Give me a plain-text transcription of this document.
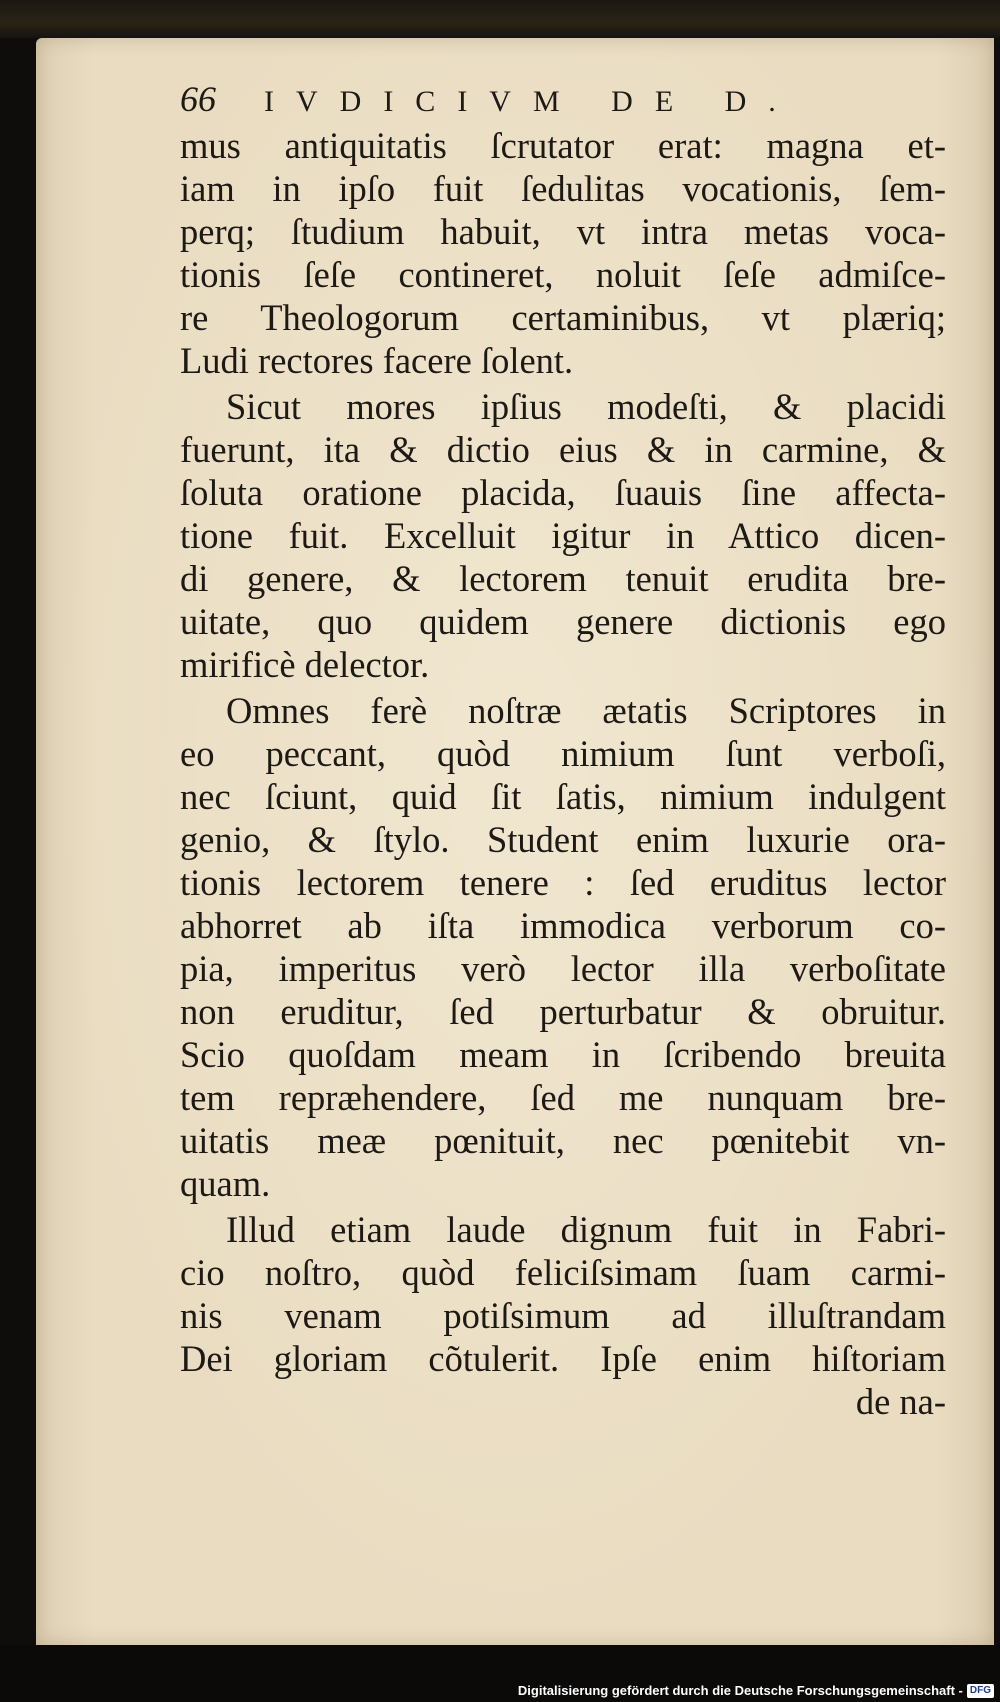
66 IVDICIVM DE D.
mus antiquitatis ſcrutator erat: magna et-
iam in ipſo fuit ſedulitas vocationis, ſem-
perq; ſtudium habuit, vt intra metas voca-
tionis ſeſe contineret, noluit ſeſe admiſce-
re Theologorum certaminibus, vt plæriq;
Ludi rectores facere ſolent.
Sicut mores ipſius modeſti, & placidi
fuerunt, ita & dictio eius & in carmine, &
ſoluta oratione placida, ſuauis ſine affecta-
tione fuit. Excelluit igitur in Attico dicen-
di genere, & lectorem tenuit erudita bre-
uitate, quo quidem genere dictionis ego
mirificè delector.
Omnes ferè noſtræ ætatis Scriptores in
eo peccant, quòd nimium ſunt verboſi,
nec ſciunt, quid ſit ſatis, nimium indulgent
genio, & ſtylo. Student enim luxurie ora-
tionis lectorem tenere : ſed eruditus lector
abhorret ab iſta immodica verborum co-
pia, imperitus verò lector illa verboſitate
non eruditur, ſed perturbatur & obruitur.
Scio quoſdam meam in ſcribendo breuita
tem repræhendere, ſed me nunquam bre-
uitatis meæ pœnituit, nec pœnitebit vn-
quam.
Illud etiam laude dignum fuit in Fabri-
cio noſtro, quòd feliciſsimam ſuam carmi-
nis venam potiſsimum ad illuſtrandam
Dei gloriam cõtulerit. Ipſe enim hiſtoriam
de na-
Digitalisierung gefördert durch die Deutsche Forschungsgemeinschaft - DFG
